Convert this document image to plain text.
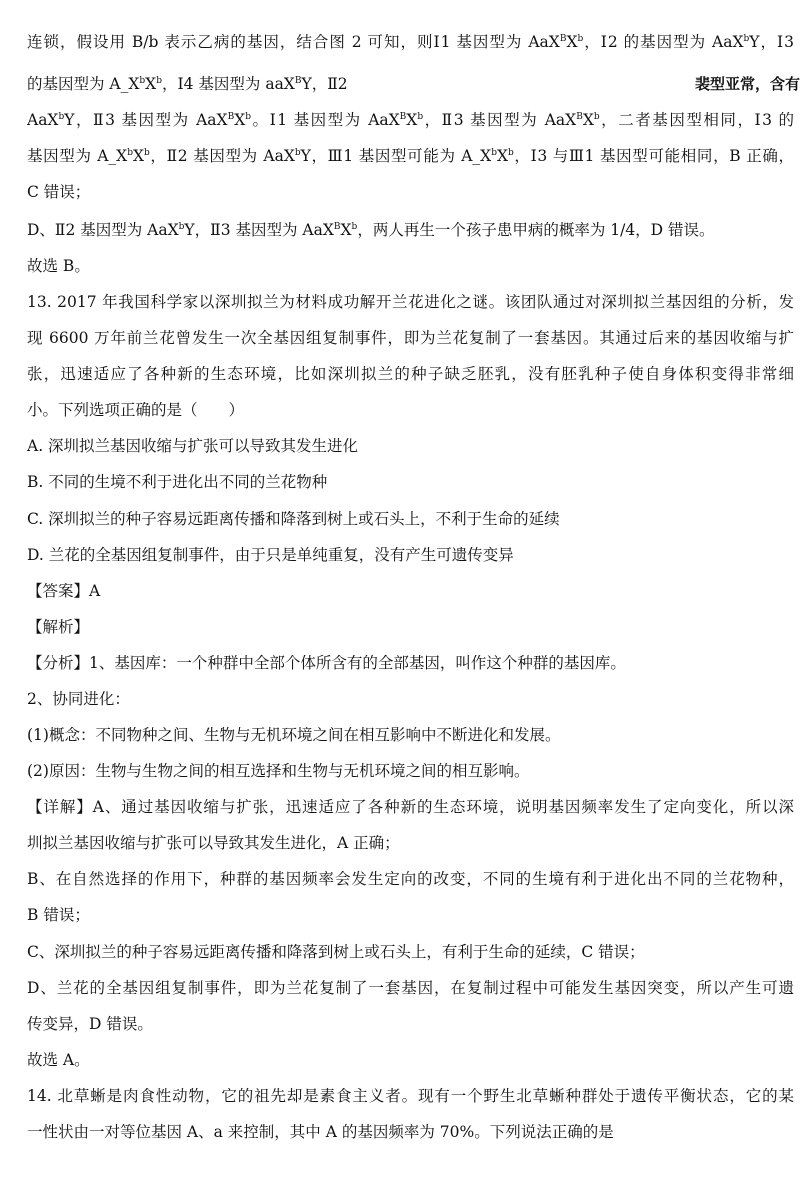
连锁，假设用 B/b 表示乙病的基因，结合图 2 可知，则Ⅰ1 基因型为 $AaX^BX^b$，Ⅰ2 的基因型为 AaX$^b$Y，Ⅰ3
的基因型为 $A\_X^bX^b$，Ⅰ4 基因型为 aaX$^B$Y，Ⅱ2
AaX$^b$Y，Ⅱ3 基因型为 $AaX^BX^b$。Ⅰ1 基因型为 $AaX^BX^b$，Ⅱ3 基因型为 $AaX^BX^b$，二者基因型相同，Ⅰ3 的
基因型为 $A\_X^bX^b$，Ⅱ2 基因型为 AaX$^b$Y，Ⅲ1 基因型可能为 $A\_X^bX^b$，Ⅰ3 与Ⅲ1 基因型可能相同，B 正确，
C 错误；
D、Ⅱ2 基因型为 AaX$^b$Y，Ⅱ3 基因型为 $AaX^BX^b$，两人再生一个孩子患甲病的概率为 1/4，D 错误。
故选 B。
13. 2017 年我国科学家以深圳拟兰为材料成功解开兰花进化之谜。该团队通过对深圳拟兰基因组的分析，发
现 6600 万年前兰花曾发生一次全基因组复制事件，即为兰花复制了一套基因。其通过后来的基因收缩与扩
张，迅速适应了各种新的生态环境，比如深圳拟兰的种子缺乏胚乳，没有胚乳种子使自身体积变得非常细
小。下列选项正确的是（　　）
A. 深圳拟兰基因收缩与扩张可以导致其发生进化
B. 不同的生境不利于进化出不同的兰花物种
C. 深圳拟兰的种子容易远距离传播和降落到树上或石头上，不利于生命的延续
D. 兰花的全基因组复制事件，由于只是单纯重复，没有产生可遗传变异
【答案】A
【解析】
【分析】1、基因库：一个种群中全部个体所含有的全部基因，叫作这个种群的基因库。
2、协同进化：
(1)概念：不同物种之间、生物与无机环境之间在相互影响中不断进化和发展。
(2)原因：生物与生物之间的相互选择和生物与无机环境之间的相互影响。
【详解】A、通过基因收缩与扩张，迅速适应了各种新的生态环境，说明基因频率发生了定向变化，所以深
圳拟兰基因收缩与扩张可以导致其发生进化，A 正确；
B、在自然选择的作用下，种群的基因频率会发生定向的改变，不同的生境有利于进化出不同的兰花物种，
B 错误；
C、深圳拟兰的种子容易远距离传播和降落到树上或石头上，有利于生命的延续，C 错误；
D、兰花的全基因组复制事件，即为兰花复制了一套基因，在复制过程中可能发生基因突变，所以产生可遗
传变异，D 错误。
故选 A。
14. 北草蜥是肉食性动物，它的祖先却是素食主义者。现有一个野生北草蜥种群处于遗传平衡状态，它的某
一性状由一对等位基因 A、a 来控制，其中 A 的基因频率为 70%。下列说法正确的是
裴型亚常，含有
